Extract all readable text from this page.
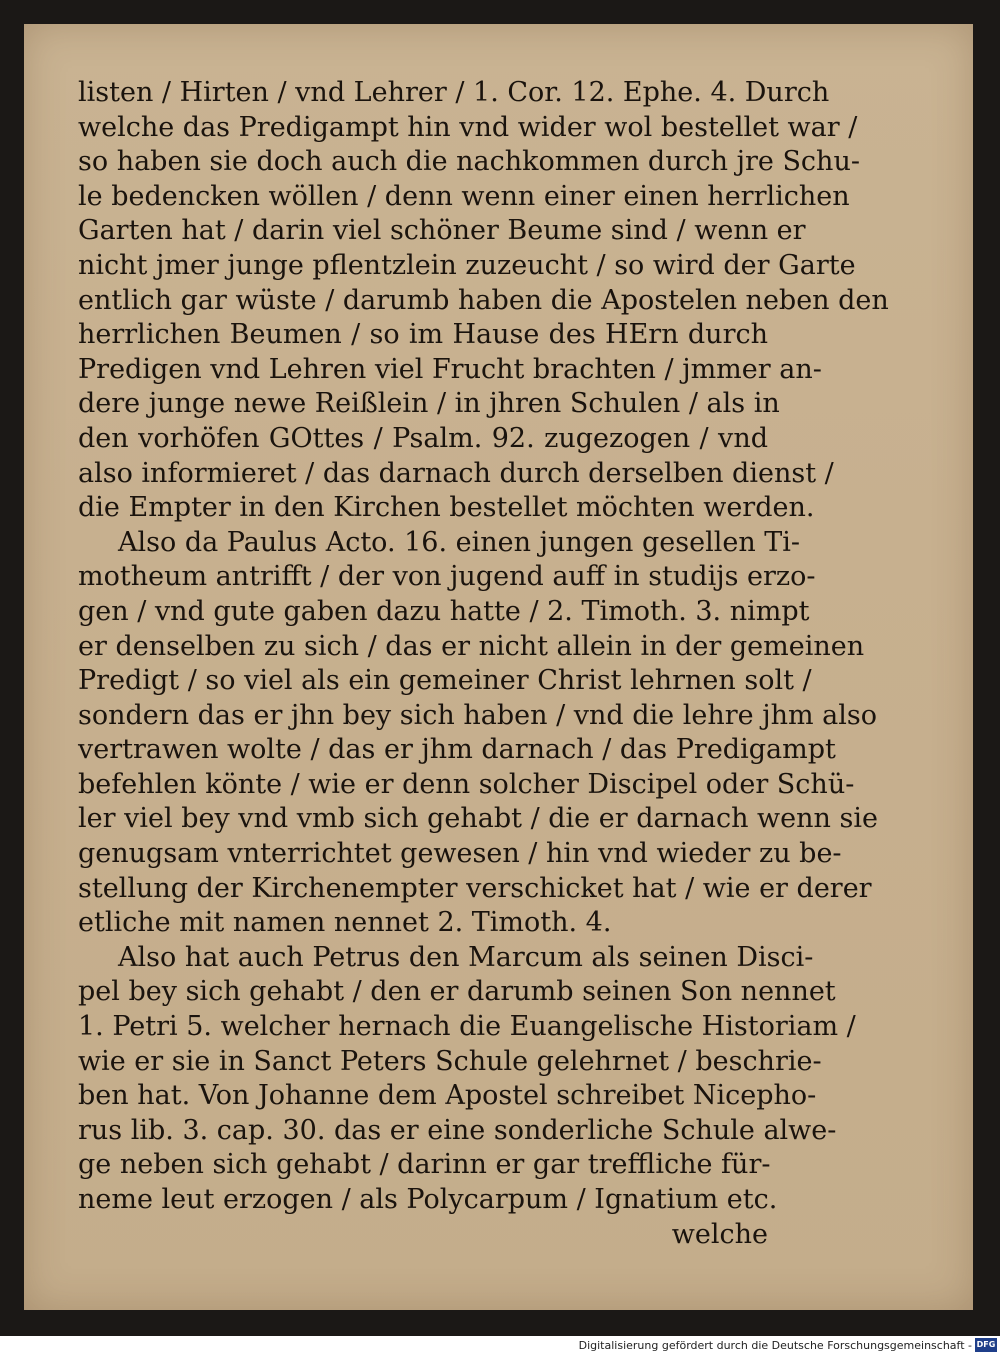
listen / Hirten / vnd Lehrer / 1. Cor. 12. Ephe. 4. Durch
welche das Predigampt hin vnd wider wol bestellet war /
so haben sie doch auch die nachkommen durch jre Schu-
le bedencken wöllen / denn wenn einer einen herrlichen
Garten hat / darin viel schöner Beume sind / wenn er
nicht jmer junge pflentzlein zuzeucht / so wird der Garte
entlich gar wüste / darumb haben die Apostelen neben den
herrlichen Beumen / so im Hause des HErn durch
Predigen vnd Lehren viel Frucht brachten / jmmer an-
dere junge newe Reißlein / in jhren Schulen / als in
den vorhöfen GOttes / Psalm. 92. zugezogen / vnd
also informieret / das darnach durch derselben dienst /
die Empter in den Kirchen bestellet möchten werden.
Also da Paulus Acto. 16. einen jungen gesellen Ti-
motheum antrifft / der von jugend auff in studijs erzo-
gen / vnd gute gaben dazu hatte / 2. Timoth. 3. nimpt
er denselben zu sich / das er nicht allein in der gemeinen
Predigt / so viel als ein gemeiner Christ lehrnen solt /
sondern das er jhn bey sich haben / vnd die lehre jhm also
vertrawen wolte / das er jhm darnach / das Predigampt
befehlen könte / wie er denn solcher Discipel oder Schü-
ler viel bey vnd vmb sich gehabt / die er darnach wenn sie
genugsam vnterrichtet gewesen / hin vnd wieder zu be-
stellung der Kirchenempter verschicket hat / wie er derer
etliche mit namen nennet 2. Timoth. 4.
Also hat auch Petrus den Marcum als seinen Disci-
pel bey sich gehabt / den er darumb seinen Son nennet
1. Petri 5. welcher hernach die Euangelische Historiam /
wie er sie in Sanct Peters Schule gelehrnet / beschrie-
ben hat. Von Johanne dem Apostel schreibet Nicepho-
rus lib. 3. cap. 30. das er eine sonderliche Schule alwe-
ge neben sich gehabt / darinn er gar treffliche für-
neme leut erzogen / als Polycarpum / Ignatium etc.
welche
Digitalisierung gefördert durch die Deutsche Forschungsgemeinschaft - DFG
